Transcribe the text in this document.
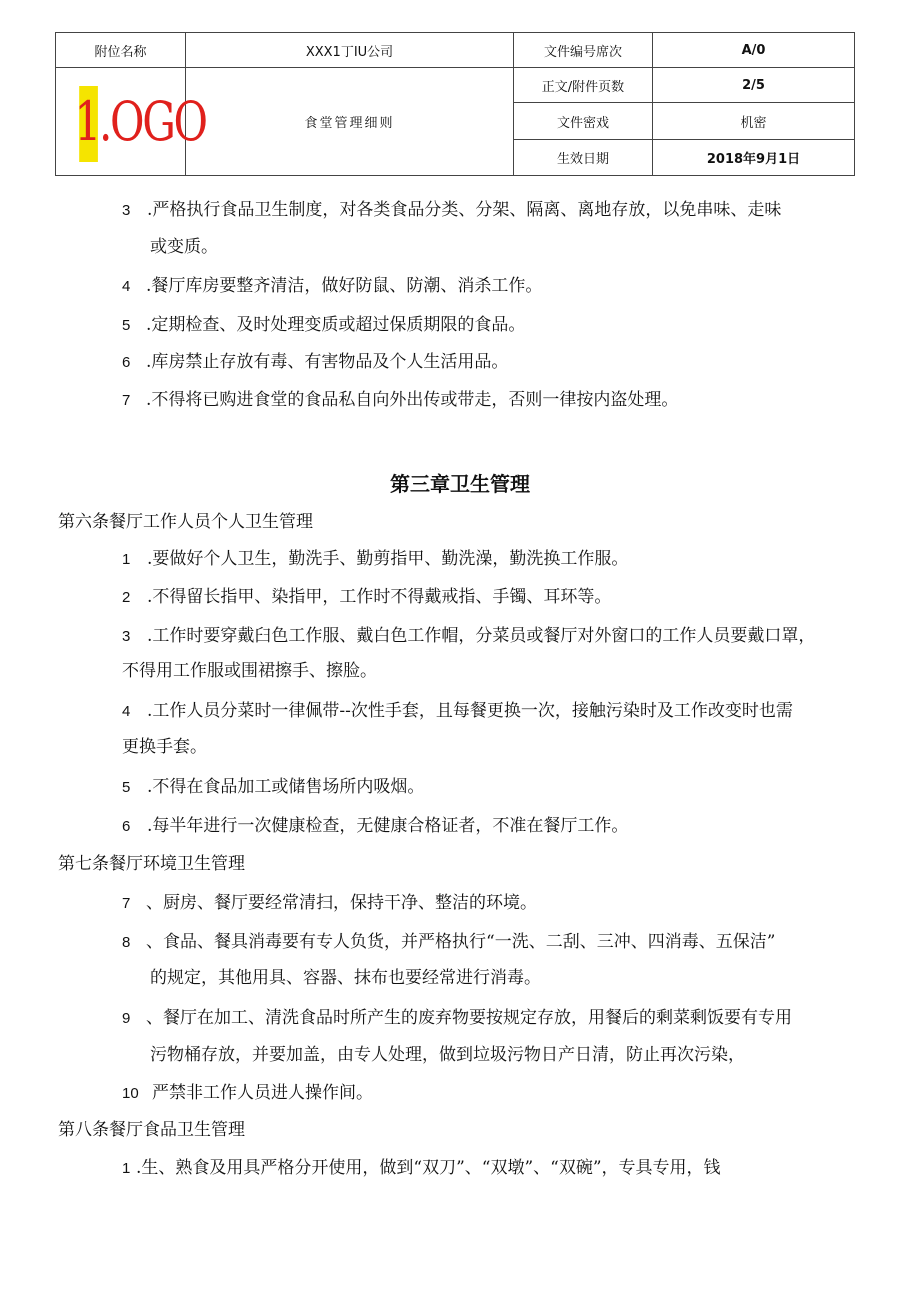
附位名称	XXX1丁IU公司	文件编号席次	A/0

1.OGO	食堂管理细则	正文/附件页数	2/5
		文件密戏	机密
		生效日期	2018年9月1日
3 .严格执行食品卫生制度，对各类食品分类、分架、隔离、离地存放，以免串味、走味
或变质。
4 .餐厅库房要整齐清洁，做好防鼠、防潮、消杀工作。
5 .定期检查、及时处理变质或超过保质期限的食品。
6 .库房禁止存放有毒、有害物品及个人生活用品。
7 .不得将已购进食堂的食品私自向外出传或带走，否则一律按内盗处理。
第三章卫生管理
第六条餐厅工作人员个人卫生管理
1 .要做好个人卫生，勤洗手、勤剪指甲、勤洗澡，勤洗换工作服。
2 .不得留长指甲、染指甲，工作时不得戴戒指、手镯、耳环等。
3 .工作时要穿戴臼色工作服、戴白色工作帽，分菜员或餐厅对外窗口的工作人员要戴口罩，
不得用工作服或围裙擦手、擦脸。
4 .工作人员分菜时一律佩带--次性手套，且每餐更换一次，接触污染时及工作改变时也需
更换手套。
5 .不得在食品加工或储售场所内吸烟。
6 .每半年进行一次健康检查，无健康合格证者，不准在餐厅工作。
第七条餐厅环境卫生管理
7 、厨房、餐厅要经常清扫，保持干净、整洁的环境。
8 、食品、餐具消毒要有专人负货，并严格执行“一洗、二刮、三冲、四消毒、五保洁”
的规定，其他用具、容器、抹布也要经常进行消毒。
9 、餐厅在加工、清洗食品时所产生的废弃物要按规定存放，用餐后的剩菜剩饭要有专用
污物桶存放，并要加盖，由专人处理，做到垃圾污物日产日清，防止再次污染，
10 严禁非工作人员进人操作间。
第八条餐厅食品卫生管理
1 .生、熟食及用具严格分开使用，做到“双刀”、“双墩”、“双碗”，专具专用，钱
